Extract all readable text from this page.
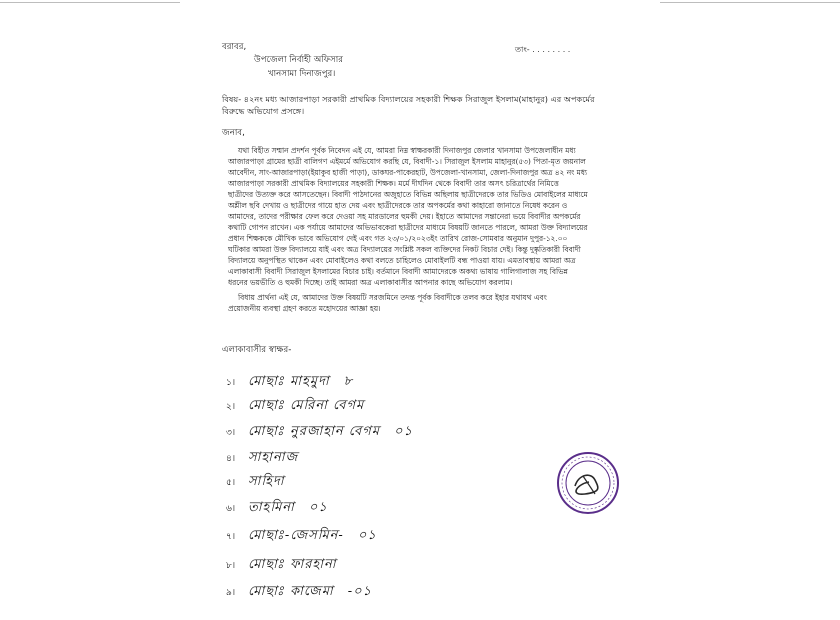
বরাবর,	তাং- . . . . . . . .
উপজেলা নির্বাহী অফিসার
খানসামা দিনাজপুর।
বিষয়- ৪২নং মধ্য আজারপাড়া সরকারী প্রাথমিক বিদ্যালয়ের সহকারী শিক্ষক সিরাজুল ইসলাম(মাহানুর) এর অপকর্মের
বিরুদ্ধে অভিযোগ প্রসঙ্গে।
জনাব,
যথা বিহীত সম্মান প্রদর্শন পূর্বক নিবেদন এই যে, আমরা নিম্ন স্বাক্ষরকারী দিনাজপুর জেলার খানসামা উপজেলাধীন মধ্য
আজারপাড়া গ্রামের ছাত্রী বালিগণ এইমর্মে অভিযোগ করছি যে, বিবাদী-১। সিরাজুল ইসলাম মাহানুর(৫৩) পিতা-মৃত জয়নাল
আবেদীন, সাং-আজারপাড়া(ইয়াকুব হাজী পাড়া), ডাকঘর-পাকেরহাট, উপজেলা-খানসামা, জেলা-দিনাজপুর অত্র ৪২ নং মধ্য
আজারপাড়া সরকারী প্রাথমিক বিদ্যালয়ের সহকারী শিক্ষক। মর্মে দীর্ঘদিন থেকে বিবাদী তার অসৎ চরিত্রার্থের নিমিত্তে
ছাত্রীদের উত্যক্ত করে আসতেছেন। বিবাদী পাঠদানের অজুহাতে বিভিন্ন অছিলায় ছাত্রীদেরকে তার ভিডিও মোবাইলের মাধ্যমে
অশ্লীল ছবি দেখায় ও ছাত্রীদের গায়ে হাত দেয় এবং ছাত্রীদেরকে তার অপকর্মের কথা কাহারো জানাতে নিষেধ করেন ও
আমাদের, তাদের পরীক্ষার ফেল করে দেওয়া সহ মারডালের হুমকী দেয়। ইহাতে আমাদের সন্তানেরা ভয়ে বিবাদীর অপকর্মের
কথাটি গোপন রাখেন। এক পর্যায়ে আমাদের অভিভাবকেরা ছাত্রীদের মাধ্যমে বিষয়টি জানতে পারলে, আমরা উক্ত বিদ্যালয়ের
প্রধান শিক্ষককে মৌখিক ভাবে অভিযোগ দেই এবং গত ২৩/০১/২০২৩ইং তারিখ রোজ-সোমবার অনুমান দুপুর-১২.০০
ঘটিকার আমরা উক্ত বিদ্যালয়ে যাই এবং অত্র বিদ্যালয়ের সংশ্লিষ্ট সকল ব্যক্তিদের নিকট বিচার দেই। কিন্তু দুষ্কৃতিকারী বিবাদী
বিদ্যালয়ে অনুপস্থিত থাকেন এবং মোবাইলেও কথা বলতে চাহিলেও মোবাইলটি বন্ধ পাওয়া যায়। এমতাবস্থায় আমরা অত্র
এলাকাবাসী বিবাদী সিরাজুল ইসলামের বিচার চাই। বর্তমানে বিবাদী আমাদেরকে অকথ্য ভাষায় গালিগালাজ সহ বিভিন্ন
ধরনের ভয়ভীতি ও হুমকী দিচ্ছে। তাই আমরা অত্র এলাকাবাসীর আপনার কাছে অভিযোগ করলাম।
বিধায় প্রার্থনা এই যে, আমাদের উক্ত বিষয়টি সরজমিনে তদন্ত পূর্বক বিবাদীকে তলব করে ইহার যথাযথ এবং
প্রয়োজনীয় ব্যবস্থা গ্রহণ করতে মহোদয়ের আজ্ঞা হয়।
এলাকাবাসীর স্বাক্ষর-
১। মোছাঃ মাহমুদা ৮
২। মোছাঃ মেরিনা বেগম
৩। মোছাঃ নুরজাহান বেগম ০১
৪। সাহানাজ
৫। সাহিদা
৬। তাহমিনা ০১
৭। মোছাঃ-জেসমিন- ০১
৮। মোছাঃ ফারহানা
৯। মোছাঃ কাজেমা -০১
